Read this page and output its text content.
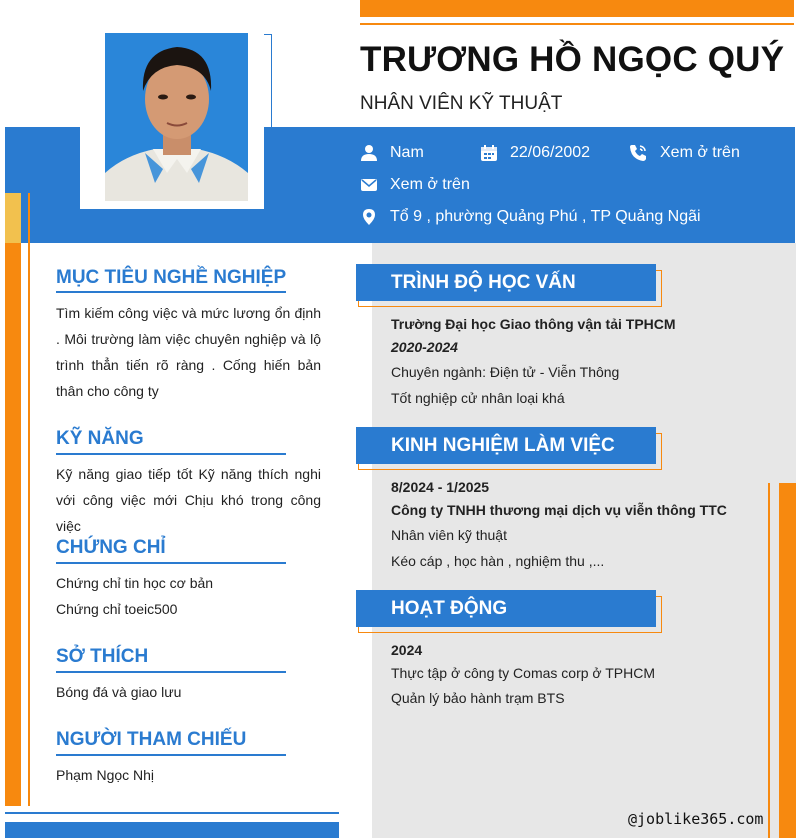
TRƯƠNG HỒ NGỌC QUÝ
NHÂN VIÊN KỸ THUẬT
Nam	22/06/2002	Xem ở trên
Xem ở trên
Tổ 9 , phường Quảng Phú , TP Quảng Ngãi
MỤC TIÊU NGHỀ NGHIỆP
Tìm kiếm công việc và mức lương ổn định . Môi trường làm việc chuyên nghiệp và lộ trình thẳn tiến rõ ràng . Cống hiến bản thân cho công ty
KỸ NĂNG
Kỹ năng giao tiếp tốt Kỹ năng thích nghi với công việc mới Chịu khó trong công việc
CHỨNG CHỈ
Chứng chỉ tin học cơ bản
Chứng chỉ toeic500
SỞ THÍCH
Bóng đá và giao lưu
NGƯỜI THAM CHIẾU
Phạm Ngọc Nhị
TRÌNH ĐỘ HỌC VẤN
Trường Đại học Giao thông vận tải TPHCM
2020-2024
Chuyên ngành: Điện tử - Viễn Thông
Tốt nghiệp cử nhân loại khá
KINH NGHIỆM LÀM VIỆC
8/2024 - 1/2025
Công ty TNHH thương mại dịch vụ viễn thông TTC
Nhân viên kỹ thuật
Kéo cáp , học hàn , nghiệm thu ,...
HOẠT ĐỘNG
2024
Thực tập ở công ty Comas corp ở TPHCM
Quản lý bảo hành trạm BTS
@joblike365.com
